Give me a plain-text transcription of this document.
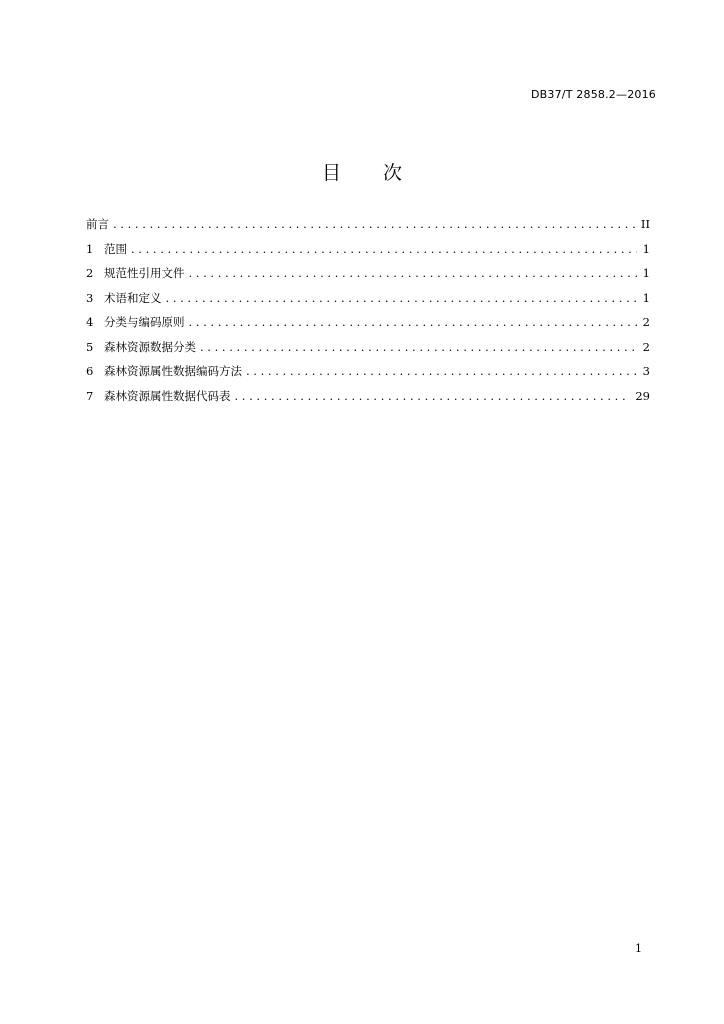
DB37/T 2858.2—2016
目 次
前言 . . .	II
1 范围 . . .	1
2 规范性引用文件 . . .	1
3 术语和定义 . . .	1
4 分类与编码原则 . . .	2
5 森林资源数据分类 . . .	2
6 森林资源属性数据编码方法 . . .	3
7 森林资源属性数据代码表 . . .	29
1
